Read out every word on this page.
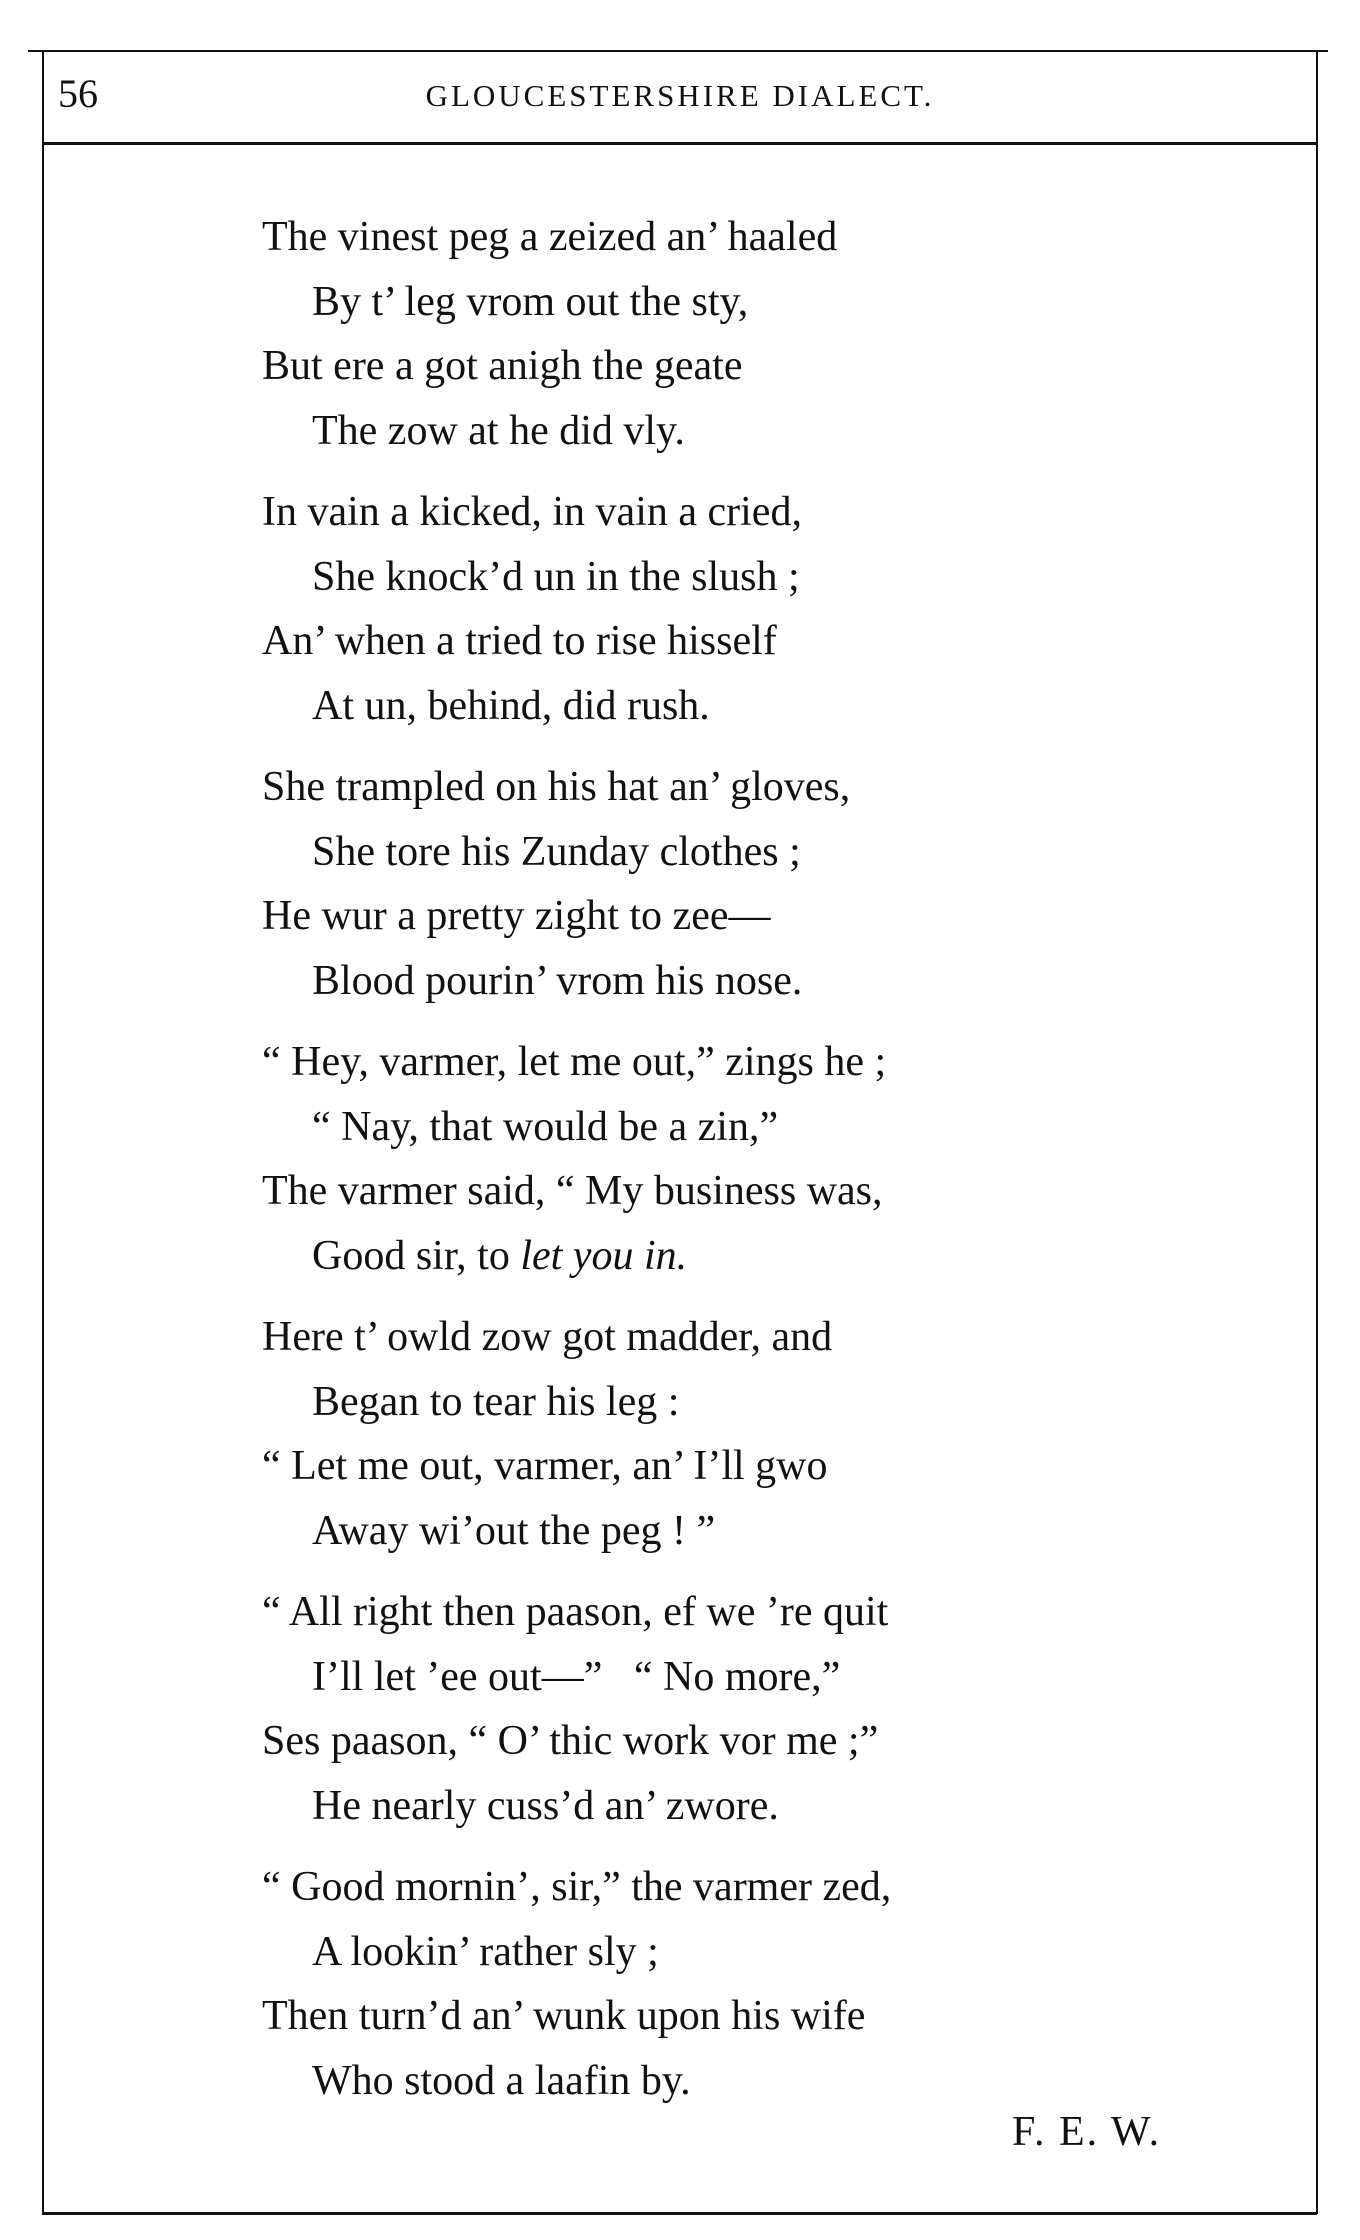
56	GLOUCESTERSHIRE DIALECT.
The vinest peg a zeized an’ haaled
By t’ leg vrom out the sty,
But ere a got anigh the geate
The zow at he did vly.
In vain a kicked, in vain a cried,
She knock’d un in the slush ;
An’ when a tried to rise hisself
At un, behind, did rush.
She trampled on his hat an’ gloves,
She tore his Zunday clothes ;
He wur a pretty zight to zee—
Blood pourin’ vrom his nose.
“ Hey, varmer, let me out,” zings he ;
“ Nay, that would be a zin,”
The varmer said, “ My business was,
Good sir, to let you in.
Here t’ owld zow got madder, and
Began to tear his leg :
“ Let me out, varmer, an’ I’ll gwo
Away wi’out the peg ! ”
“ All right then paason, ef we ’re quit
I’ll let ’ee out—”   “ No more,”
Ses paason, “ O’ thic work vor me ;”
He nearly cuss’d an’ zwore.
“ Good mornin’, sir,” the varmer zed,
A lookin’ rather sly ;
Then turn’d an’ wunk upon his wife
Who stood a laafin by.
F. E. W.
